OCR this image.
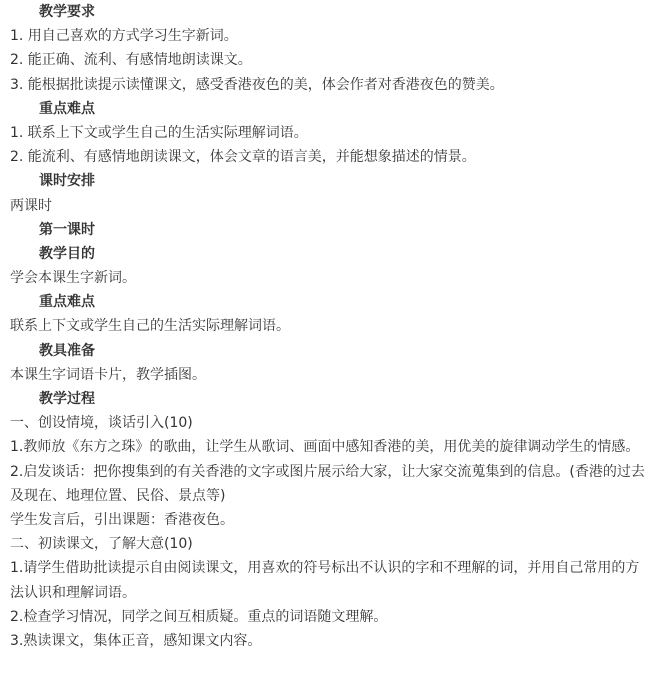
教学要求
1. 用自己喜欢的方式学习生字新词。
2. 能正确、流利、有感情地朗读课文。
3. 能根据批读提示读懂课文，感受香港夜色的美，体会作者对香港夜色的赞美。
重点难点
1. 联系上下文或学生自己的生活实际理解词语。
2. 能流利、有感情地朗读课文，体会文章的语言美，并能想象描述的情景。
课时安排
两课时
第一课时
教学目的
学会本课生字新词。
重点难点
联系上下文或学生自己的生活实际理解词语。
教具准备
本课生字词语卡片，教学插图。
教学过程
一、创设情境，谈话引入(10)
1.教师放《东方之珠》的歌曲，让学生从歌词、画面中感知香港的美，用优美的旋律调动学生的情感。
2.启发谈话：把你搜集到的有关香港的文字或图片展示给大家，让大家交流蒐集到的信息。(香港的过去及现在、地理位置、民俗、景点等)
学生发言后，引出课题：香港夜色。
二、初读课文，了解大意(10)
1.请学生借助批读提示自由阅读课文，用喜欢的符号标出不认识的字和不理解的词，并用自己常用的方法认识和理解词语。
2.检查学习情况，同学之间互相质疑。重点的词语随文理解。
3.熟读课文，集体正音，感知课文内容。
